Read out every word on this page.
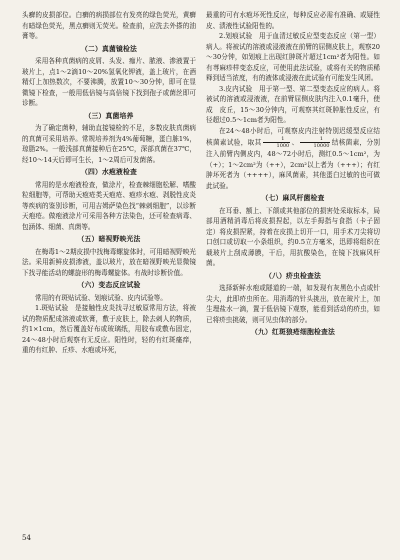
头癣的皮损部位。白癣的病损部位有发亮的绿色荧光，黄癣有暗绿色荧光，黑点癣则无荧光。检查前，应洗去外搽的油膏等。

（二）真菌镜检法

采用各种真菌病的皮屑、头发、痂片、脓液、渗液置于玻片上，点1～2滴10～20%氢氧化钾液，盖上玻片，在酒精灯上加热数次，不要沸腾，放置10～30分钟，即可在显微镜下检查，一般用低倍镜与高倍镜下找到孢子或菌丝即可诊断。

（三）真菌培养

为了确定菌种，辅助直接镜检的不足，多数皮肤真菌病的真菌可采用培养。常规培养剂为4%葡萄糖，蛋白胨1%，琼脂2%。一般浅部真菌接种后在25℃，深部真菌在37℃，经10～14天后即可生长，1～2周后可发菌落。

（四）水疱液检查

常用的是水疱液检查，做涂片，检查棘细胞松解、嗜酸粒细胞等，可帮助天疱疮类天疱疮、疱疹水疱、剥脱性皮炎等疾病的鉴别诊断，可用吉姆萨染色找“棘刺细胞”，以诊断天疱疮。做疱液涂片可采用各种方法染色，还可检查病毒、包涵体、细菌、真菌等。

（五）暗视野映光法

在梅毒1～2期皮损中找梅毒螺旋体时，可用暗视野映光法。采用新鲜皮损渗液，盖以玻片，放在暗视野映光显微镜下找寻能活动的螺旋形的梅毒螺旋体。有战时诊断价值。

（六）变态反应试验

常用的有斑贴试验、划痕试验、皮内试验等。

1.斑贴试验　是接触性皮炎找寻过敏原常用方法，将被试的物质配成溶液或软膏，敷于皮肤上，除去刺人的物质，约1×1cm，然后覆盖好布或玻璃纸，用胶布或敷布固定，24～48小时后观察有无反应。阳性时，轻的有红斑瘙痒，重的有红肿、丘疹、水疱或坏死，

最重的可有水疱坏死性反应，每种反应必需有准确、或疑性皮、渍液性试验阳性的。

2.划痕试验　用于血清过敏反应型变态反应（第一型）病人。将被试的溶液或浸液液在前臂的屈侧皮肤上，观察20～30分钟，如划痕上出现红肿斑片超过1cm²者为阳性。如有荨麻疹样变态反应，可使用此法试验，或将有关的物质稀释到适当浓度，有的液体或浸液在此试验有可能发生风团。

3.皮内试验　用于第一型、第二型变态反应的病人。将被试的溶液或浸液液，在前臂屈侧皮肤内注入0.1毫升，使成　皮丘，15～30分钟内，可观察其红斑肿胀性反应，有径超过0.5～1cm者为阳性。

在24～48小时后，可观察皮内注射特别迟缓型反应结核菌素试验，取其 $\frac{1}{1000}$ 、 $\frac{1}{10000}$ 结核菌素，分别注入前臂内侧皮内，48～72小时后，测红0.5～1cm²，为（+）；1～2cm²为（++），2cm²以上者为（+++）；有红肿坏死者为（++++），麻风菌素，其他蛋白过敏的也可做此试验。

（七）麻风杆菌检查

在耳垂、额上、下颌或其他部位的损害处采取标本，局部用酒精消毒后将皮损捏起，以左手拇指与食指（卡子固定）将皮损捏紧，持着在皮损上切开一口，用手术刀尖将切口创口或切取一小条组织，约0.5立方毫米，迅即将组织在载玻片上刮成薄膜，干后，用抗酸染色，在镜下找麻风杆菌。

（八）疥虫检查法

选择新鲜水疱或隧道的一端，如发现有灰黑色小点或针尖大，此即疥虫所在。用消毒的针头挑出，放在玻片上，加生理盐水一滴，置于低倍镜下观察，能看到活动的疥虫，如已将疥虫挑破，则可见虫体的部分。

（九）红斑狼疮细胞检查法
54
